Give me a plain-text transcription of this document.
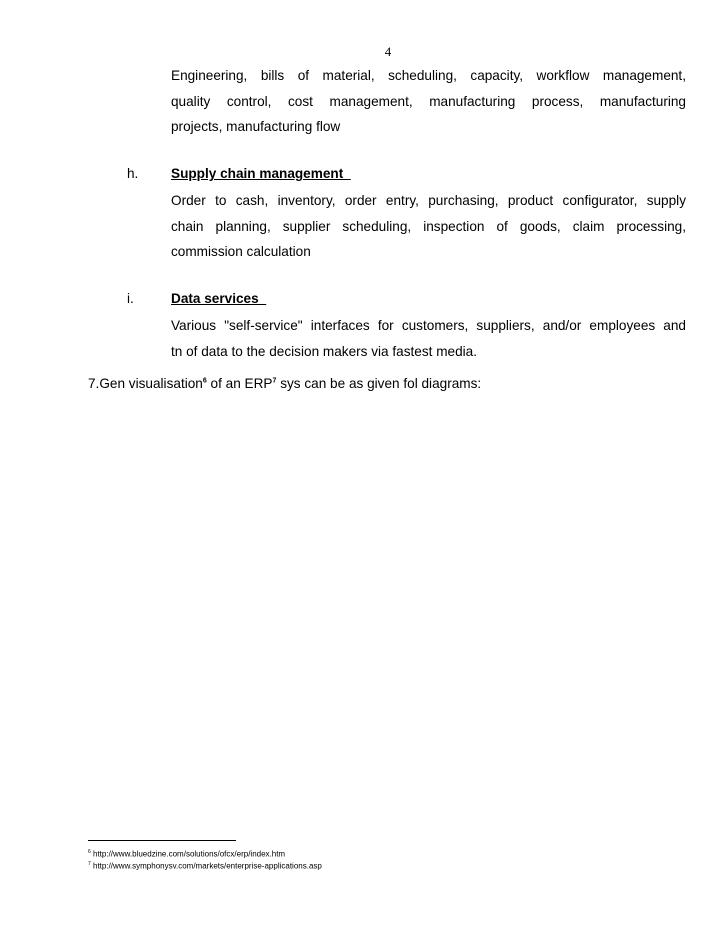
4
Engineering, bills of material, scheduling, capacity, workflow management,
quality control, cost management, manufacturing process, manufacturing
projects, manufacturing flow
h. Supply chain management
Order to cash, inventory, order entry, purchasing, product configurator, supply
chain planning, supplier scheduling, inspection of goods, claim processing,
commission calculation
i.	Data services
Various "self-service" interfaces for customers, suppliers, and/or employees and
tn of data to the decision makers via fastest media.
7.Gen visualisation$^6$ of an ERP$^7$ sys can be as given fol diagrams:
$^6$ http://www.bluedzine.com/solutions/ofcx/erp/index.htm
$^7$ http://www.symphonysv.com/markets/enterprise-applications.asp
